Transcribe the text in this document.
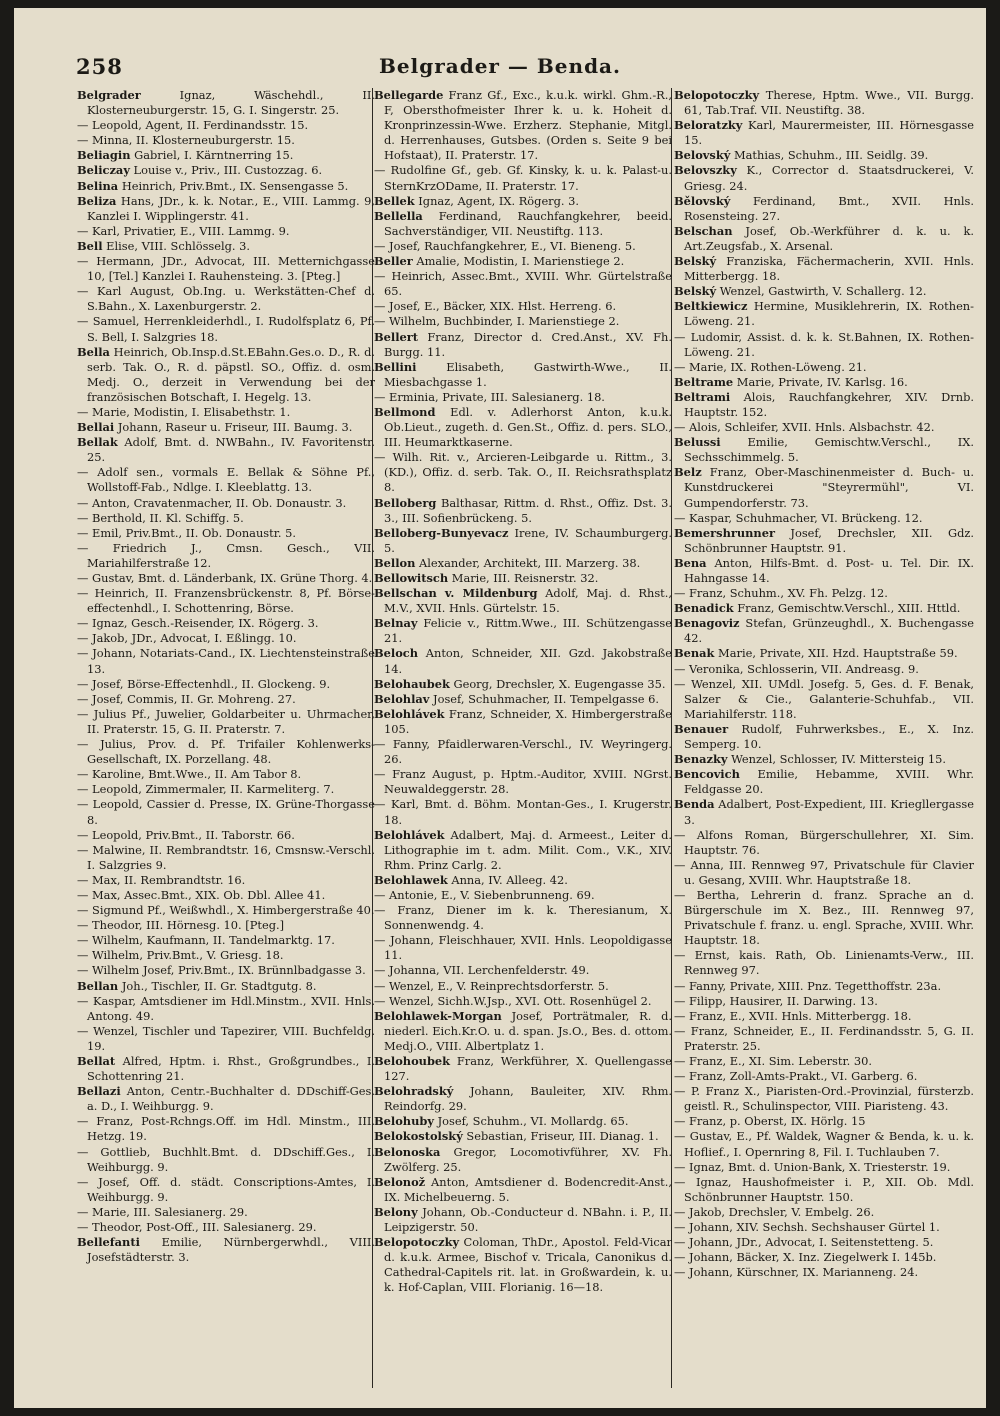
258	Belgrader — Benda.
Belgrader Ignaz, Wäschehdl., II. Klosterneuburgerstr. 15, G. I. Singerstr. 25.
— Leopold, Agent, II. Ferdinandsstr. 15.
— Minna, II. Klosterneuburgerstr. 15.
Beliagin Gabriel, I. Kärntnerring 15.
Beliczay Louise v., Priv., III. Custozzag. 6.
Belina Heinrich, Priv.Bmt., IX. Sensengasse 5.
Beliza Hans, JDr., k. k. Notar., E., VIII. Lammg. 9, Kanzlei I. Wipplingerstr. 41.
— Karl, Privatier, E., VIII. Lammg. 9.
Bell Elise, VIII. Schlösselg. 3.
— Hermann, JDr., Advocat, III. Metternichgasse 10, [Tel.] Kanzlei I. Rauhensteing. 3. [Pteg.]
— Karl August, Ob.Ing. u. Werkstätten-Chef d. S.Bahn., X. Laxenburgerstr. 2.
— Samuel, Herrenkleiderhdl., I. Rudolfsplatz 6, Pf. S. Bell, I. Salzgries 18.
Bella Heinrich, Ob.Insp.d.St.EBahn.Ges.o. D., R. d. serb. Tak. O., R. d. päpstl. SO., Offiz. d. osm. Medj. O., derzeit in Verwendung bei der französischen Botschaft, I. Hegelg. 13.
— Marie, Modistin, I. Elisabethstr. 1.
Bellai Johann, Raseur u. Friseur, III. Baumg. 3.
Bellak Adolf, Bmt. d. NWBahn., IV. Favoritenstr. 25.
— Adolf sen., vormals E. Bellak & Söhne Pf., Wollstoff-Fab., Ndlge. I. Kleeblattg. 13.
— Anton, Cravatenmacher, II. Ob. Donaustr. 3.
— Berthold, II. Kl. Schiffg. 5.
— Emil, Priv.Bmt., II. Ob. Donaustr. 5.
— Friedrich J., Cmsn. Gesch., VII. Mariahilferstraße 12.
— Gustav, Bmt. d. Länderbank, IX. Grüne Thorg. 4.
— Heinrich, II. Franzensbrückenstr. 8, Pf. Börse-effectenhdl., I. Schottenring, Börse.
— Ignaz, Gesch.-Reisender, IX. Rögerg. 3.
— Jakob, JDr., Advocat, I. Eßlingg. 10.
— Johann, Notariats-Cand., IX. Liechtensteinstraße 13.
— Josef, Börse-Effectenhdl., II. Glockeng. 9.
— Josef, Commis, II. Gr. Mohreng. 27.
— Julius Pf., Juwelier, Goldarbeiter u. Uhrmacher, II. Praterstr. 15, G. II. Praterstr. 7.
— Julius, Prov. d. Pf. Trifailer Kohlenwerks-Gesellschaft, IX. Porzellang. 48.
— Karoline, Bmt.Wwe., II. Am Tabor 8.
— Leopold, Zimmermaler, II. Karmeliterg. 7.
— Leopold, Cassier d. Presse, IX. Grüne-Thorgasse 8.
— Leopold, Priv.Bmt., II. Taborstr. 66.
— Malwine, II. Rembrandtstr. 16, Cmsnsw.-Verschl. I. Salzgries 9.
— Max, II. Rembrandtstr. 16.
— Max, Assec.Bmt., XIX. Ob. Dbl. Allee 41.
— Sigmund Pf., Weißwhdl., X. Himbergerstraße 40.
— Theodor, III. Hörnesg. 10. [Pteg.]
— Wilhelm, Kaufmann, II. Tandelmarktg. 17.
— Wilhelm, Priv.Bmt., V. Griesg. 18.
— Wilhelm Josef, Priv.Bmt., IX. Brünnlbadgasse 3.
Bellan Joh., Tischler, II. Gr. Stadtgutg. 8.
— Kaspar, Amtsdiener im Hdl.Minstm., XVII. Hnls. Antong. 49.
— Wenzel, Tischler und Tapezirer, VIII. Buchfeldg. 19.
Bellat Alfred, Hptm. i. Rhst., Großgrundbes., I. Schottenring 21.
Bellazi Anton, Centr.-Buchhalter d. DDschiff-Ges. a. D., I. Weihburgg. 9.
— Franz, Post-Rchngs.Off. im Hdl. Minstm., III. Hetzg. 19.
— Gottlieb, Buchhlt.Bmt. d. DDschiff.Ges., I. Weihburgg. 9.
— Josef, Off. d. städt. Conscriptions-Amtes, I. Weihburgg. 9.
— Marie, III. Salesianerg. 29.
— Theodor, Post-Off., III. Salesianerg. 29.
Bellefanti Emilie, Nürnbergerwhdl., VIII. Josefstädterstr. 3.
Bellegarde Franz Gf., Exc., k.u.k. wirkl. Ghm.-R., F, Obersthofmeister Ihrer k. u. k. Hoheit d. Kronprinzessin-Wwe. Erzherz. Stephanie, Mitgl. d. Herrenhauses, Gutsbes. (Orden s. Seite 9 bei Hofstaat), II. Praterstr. 17.
— Rudolfine Gf., geb. Gf. Kinsky, k. u. k. Palast-u. SternKrzODame, II. Praterstr. 17.
Bellek Ignaz, Agent, IX. Rögerg. 3.
Bellella Ferdinand, Rauchfangkehrer, beeid. Sachverständiger, VII. Neustiftg. 113.
— Josef, Rauchfangkehrer, E., VI. Bieneng. 5.
Beller Amalie, Modistin, I. Marienstiege 2.
— Heinrich, Assec.Bmt., XVIII. Whr. Gürtelstraße 65.
— Josef, E., Bäcker, XIX. Hlst. Herreng. 6.
— Wilhelm, Buchbinder, I. Marienstiege 2.
Bellert Franz, Director d. Cred.Anst., XV. Fh. Burgg. 11.
Bellini Elisabeth, Gastwirth-Wwe., II. Miesbachgasse 1.
— Erminia, Private, III. Salesianerg. 18.
Bellmond Edl. v. Adlerhorst Anton, k.u.k. Ob.Lieut., zugeth. d. Gen.St., Offiz. d. pers. SLO., III. Heumarktkaserne.
— Wilh. Rit. v., Arcieren-Leibgarde u. Rittm., 3. (KD.), Offiz. d. serb. Tak. O., II. Reichsrathsplatz 8.
Belloberg Balthasar, Rittm. d. Rhst., Offiz. Dst. 3. 3., III. Sofienbrückeng. 5.
Belloberg-Bunyevacz Irene, IV. Schaumburgerg. 5.
Bellon Alexander, Architekt, III. Marzerg. 38.
Bellowitsch Marie, III. Reisnerstr. 32.
Bellschan v. Mildenburg Adolf, Maj. d. Rhst., M.V., XVII. Hnls. Gürtelstr. 15.
Belnay Felicie v., Rittm.Wwe., III. Schützengasse 21.
Beloch Anton, Schneider, XII. Gzd. Jakobstraße 14.
Belohaubek Georg, Drechsler, X. Eugengasse 35.
Belohlav Josef, Schuhmacher, II. Tempelgasse 6.
Belohlávek Franz, Schneider, X. Himbergerstraße 105.
— Fanny, Pfaidlerwaren-Verschl., IV. Weyringerg. 26.
— Franz August, p. Hptm.-Auditor, XVIII. NGrst. Neuwaldeggerstr. 28.
— Karl, Bmt. d. Böhm. Montan-Ges., I. Krugerstr. 18.
Belohlávek Adalbert, Maj. d. Armeest., Leiter d. Lithographie im t. adm. Milit. Com., V.K., XIV. Rhm. Prinz Carlg. 2.
Belohlawek Anna, IV. Alleeg. 42.
— Antonie, E., V. Siebenbrunneng. 69.
— Franz, Diener im k. k. Theresianum, X. Sonnenwendg. 4.
— Johann, Fleischhauer, XVII. Hnls. Leopoldigasse 11.
— Johanna, VII. Lerchenfelderstr. 49.
— Wenzel, E., V. Reinprechtsdorferstr. 5.
— Wenzel, Sichh.W.Jsp., XVI. Ott. Rosenhügel 2.
Belohlawek-Morgan Josef, Porträtmaler, R. d. niederl. Eich.Kr.O. u. d. span. Js.O., Bes. d. ottom. Medj.O., VIII. Albertplatz 1.
Belohoubek Franz, Werkführer, X. Quellengasse 127.
Belohradský Johann, Bauleiter, XIV. Rhm. Reindorfg. 29.
Belohuby Josef, Schuhm., VI. Mollardg. 65.
Belokostolský Sebastian, Friseur, III. Dianag. 1.
Belonoska Gregor, Locomotivführer, XV. Fh. Zwölferg. 25.
Belonož Anton, Amtsdiener d. Bodencredit-Anst., IX. Michelbeuerng. 5.
Belony Johann, Ob.-Conducteur d. NBahn. i. P., II. Leipzigerstr. 50.
Belopotoczky Coloman, ThDr., Apostol. Feld-Vicar d. k.u.k. Armee, Bischof v. Tricala, Canonikus d. Cathedral-Capitels rit. lat. in Großwardein, k. u. k. Hof-Caplan, VIII. Florianig. 16—18.
Belopotoczky Therese, Hptm. Wwe., VII. Burgg. 61, Tab.Traf. VII. Neustiftg. 38.
Beloratzky Karl, Maurermeister, III. Hörnesgasse 15.
Belovský Mathias, Schuhm., III. Seidlg. 39.
Belovszky K., Corrector d. Staatsdruckerei, V. Griesg. 24.
Bělovský Ferdinand, Bmt., XVII. Hnls. Rosensteing. 27.
Belschan Josef, Ob.-Werkführer d. k. u. k. Art.Zeugsfab., X. Arsenal.
Belský Franziska, Fächermacherin, XVII. Hnls. Mitterbergg. 18.
Belský Wenzel, Gastwirth, V. Schallerg. 12.
Beltkiewicz Hermine, Musiklehrerin, IX. Rothen-Löweng. 21.
— Ludomir, Assist. d. k. k. St.Bahnen, IX. Rothen-Löweng. 21.
— Marie, IX. Rothen-Löweng. 21.
Beltrame Marie, Private, IV. Karlsg. 16.
Beltrami Alois, Rauchfangkehrer, XIV. Drnb. Hauptstr. 152.
— Alois, Schleifer, XVII. Hnls. Alsbachstr. 42.
Belussi Emilie, Gemischtw.Verschl., IX. Sechsschimmelg. 5.
Belz Franz, Ober-Maschinenmeister d. Buch- u. Kunstdruckerei "Steyrermühl", VI. Gumpendorferstr. 73.
— Kaspar, Schuhmacher, VI. Brückeng. 12.
Bemershrunner Josef, Drechsler, XII. Gdz. Schönbrunner Hauptstr. 91.
Bena Anton, Hilfs-Bmt. d. Post- u. Tel. Dir. IX. Hahngasse 14.
— Franz, Schuhm., XV. Fh. Pelzg. 12.
Benadick Franz, Gemischtw.Verschl., XIII. Httld.
Benagoviz Stefan, Grünzeughdl., X. Buchengasse 42.
Benak Marie, Private, XII. Hzd. Hauptstraße 59.
— Veronika, Schlosserin, VII. Andreasg. 9.
— Wenzel, XII. UMdl. Josefg. 5, Ges. d. F. Benak, Salzer & Cie., Galanterie-Schuhfab., VII. Mariahilferstr. 118.
Benauer Rudolf, Fuhrwerksbes., E., X. Inz. Semperg. 10.
Benazky Wenzel, Schlosser, IV. Mittersteig 15.
Bencovich Emilie, Hebamme, XVIII. Whr. Feldgasse 20.
Benda Adalbert, Post-Expedient, III. Kriegllergasse 3.
— Alfons Roman, Bürgerschullehrer, XI. Sim. Hauptstr. 76.
— Anna, III. Rennweg 97, Privatschule für Clavier u. Gesang, XVIII. Whr. Hauptstraße 18.
— Bertha, Lehrerin d. franz. Sprache an d. Bürgerschule im X. Bez., III. Rennweg 97, Privatschule f. franz. u. engl. Sprache, XVIII. Whr. Hauptstr. 18.
— Ernst, kais. Rath, Ob. Linienamts-Verw., III. Rennweg 97.
— Fanny, Private, XIII. Pnz. Tegetthoffstr. 23a.
— Filipp, Hausirer, II. Darwing. 13.
— Franz, E., XVII. Hnls. Mitterbergg. 18.
— Franz, Schneider, E., II. Ferdinandsstr. 5, G. II. Praterstr. 25.
— Franz, E., XI. Sim. Leberstr. 30.
— Franz, Zoll-Amts-Prakt., VI. Garberg. 6.
— P. Franz X., Piaristen-Ord.-Provinzial, fürsterzb. geistl. R., Schulinspector, VIII. Piaristeng. 43.
— Franz, p. Oberst, IX. Hörlg. 15
— Gustav, E., Pf. Waldek, Wagner & Benda, k. u. k. Hoflief., I. Opernring 8, Fil. I. Tuchlauben 7.
— Ignaz, Bmt. d. Union-Bank, X. Triesterstr. 19.
— Ignaz, Haushofmeister i. P., XII. Ob. Mdl. Schönbrunner Hauptstr. 150.
— Jakob, Drechsler, V. Embelg. 26.
— Johann, XIV. Sechsh. Sechshauser Gürtel 1.
— Johann, JDr., Advocat, I. Seitenstetteng. 5.
— Johann, Bäcker, X. Inz. Ziegelwerk I. 145b.
— Johann, Kürschner, IX. Marianneng. 24.
